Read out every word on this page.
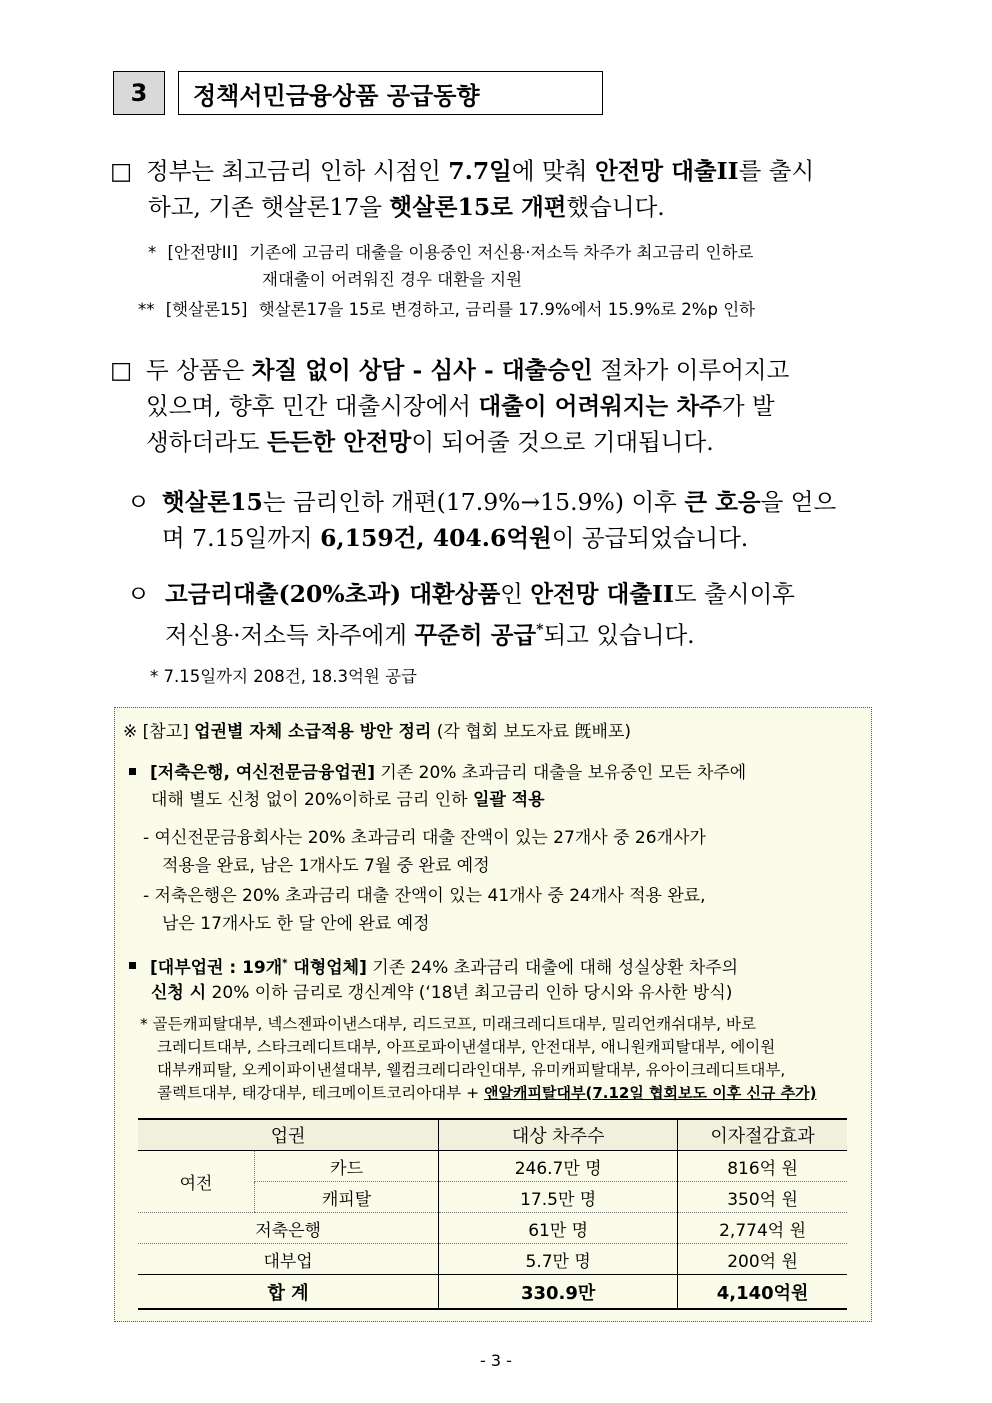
3	정책서민금융상품 공급동향
□ 정부는 최고금리 인하 시점인 7.7일에 맞춰 안전망 대출II를 출시
하고, 기존 햇살론17을 햇살론15로 개편했습니다.
* [안전망II] 기존에 고금리 대출을 이용중인 저신용·저소득 차주가 최고금리 인하로
재대출이 어려워진 경우 대환을 지원
** [햇살론15] 햇살론17을 15로 변경하고, 금리를 17.9%에서 15.9%로 2%p 인하
□ 두 상품은 차질 없이 상담 - 심사 - 대출승인 절차가 이루어지고
있으며, 향후 민간 대출시장에서 대출이 어려워지는 차주가 발
생하더라도 든든한 안전망이 되어줄 것으로 기대됩니다.
ㅇ 햇살론15는 금리인하 개편(17.9%→15.9%) 이후 큰 호응을 얻으
며 7.15일까지 6,159건, 404.6억원이 공급되었습니다.
ㅇ 고금리대출(20%초과) 대환상품인 안전망 대출II도 출시이후
저신용·저소득 차주에게 꾸준히 공급*되고 있습니다.
* 7.15일까지 208건, 18.3억원 공급
※ [참고] 업권별 자체 소급적용 방안 정리 (각 협회 보도자료 旣배포)
[저축은행, 여신전문금융업권] 기존 20% 초과금리 대출을 보유중인 모든 차주에
대해 별도 신청 없이 20%이하로 금리 인하 일괄 적용
- 여신전문금융회사는 20% 초과금리 대출 잔액이 있는 27개사 중 26개사가
적용을 완료, 남은 1개사도 7월 중 완료 예정
- 저축은행은 20% 초과금리 대출 잔액이 있는 41개사 중 24개사 적용 완료,
남은 17개사도 한 달 안에 완료 예정
[대부업권 : 19개* 대형업체] 기존 24% 초과금리 대출에 대해 성실상환 차주의
신청 시 20% 이하 금리로 갱신계약 (‘18년 최고금리 인하 당시와 유사한 방식)
* 골든캐피탈대부, 넥스젠파이낸스대부, 리드코프, 미래크레디트대부, 밀리언캐쉬대부, 바로
크레디트대부, 스타크레디트대부, 아프로파이낸셜대부, 안전대부, 애니원캐피탈대부, 에이원
대부캐피탈, 오케이파이낸셜대부, 웰컴크레디라인대부, 유미캐피탈대부, 유아이크레디트대부,
콜렉트대부, 태강대부, 테크메이트코리아대부 + 앤알캐피탈대부(7.12일 협회보도 이후 신규 추가)
업권		대상 차주수	이자절감효과
여전	카드	246.7만 명	816억 원
	캐피탈	17.5만 명	350억 원
저축은행		61만 명	2,774억 원
대부업		5.7만 명	200억 원
합 계		330.9만	4,140억원
- 3 -
